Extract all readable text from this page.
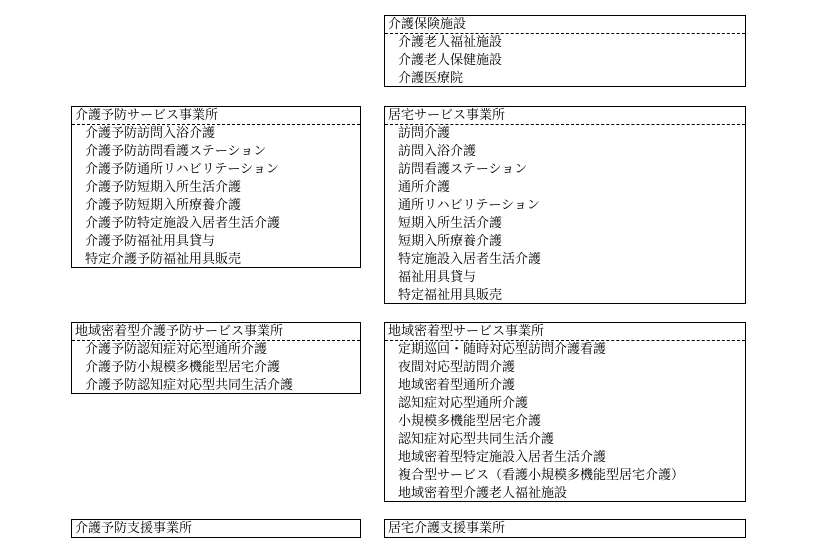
介護保険施設
介護老人福祉施設
介護老人保健施設
介護医療院
介護予防サービス事業所
介護予防訪問入浴介護
介護予防訪問看護ステーション
介護予防通所リハビリテーション
介護予防短期入所生活介護
介護予防短期入所療養介護
介護予防特定施設入居者生活介護
介護予防福祉用具貸与
特定介護予防福祉用具販売
居宅サービス事業所
訪問介護
訪問入浴介護
訪問看護ステーション
通所介護
通所リハビリテーション
短期入所生活介護
短期入所療養介護
特定施設入居者生活介護
福祉用具貸与
特定福祉用具販売
地域密着型介護予防サービス事業所
介護予防認知症対応型通所介護
介護予防小規模多機能型居宅介護
介護予防認知症対応型共同生活介護
地域密着型サービス事業所
定期巡回・随時対応型訪問介護看護
夜間対応型訪問介護
地域密着型通所介護
認知症対応型通所介護
小規模多機能型居宅介護
認知症対応型共同生活介護
地域密着型特定施設入居者生活介護
複合型サービス（看護小規模多機能型居宅介護）
地域密着型介護老人福祉施設
介護予防支援事業所	居宅介護支援事業所
